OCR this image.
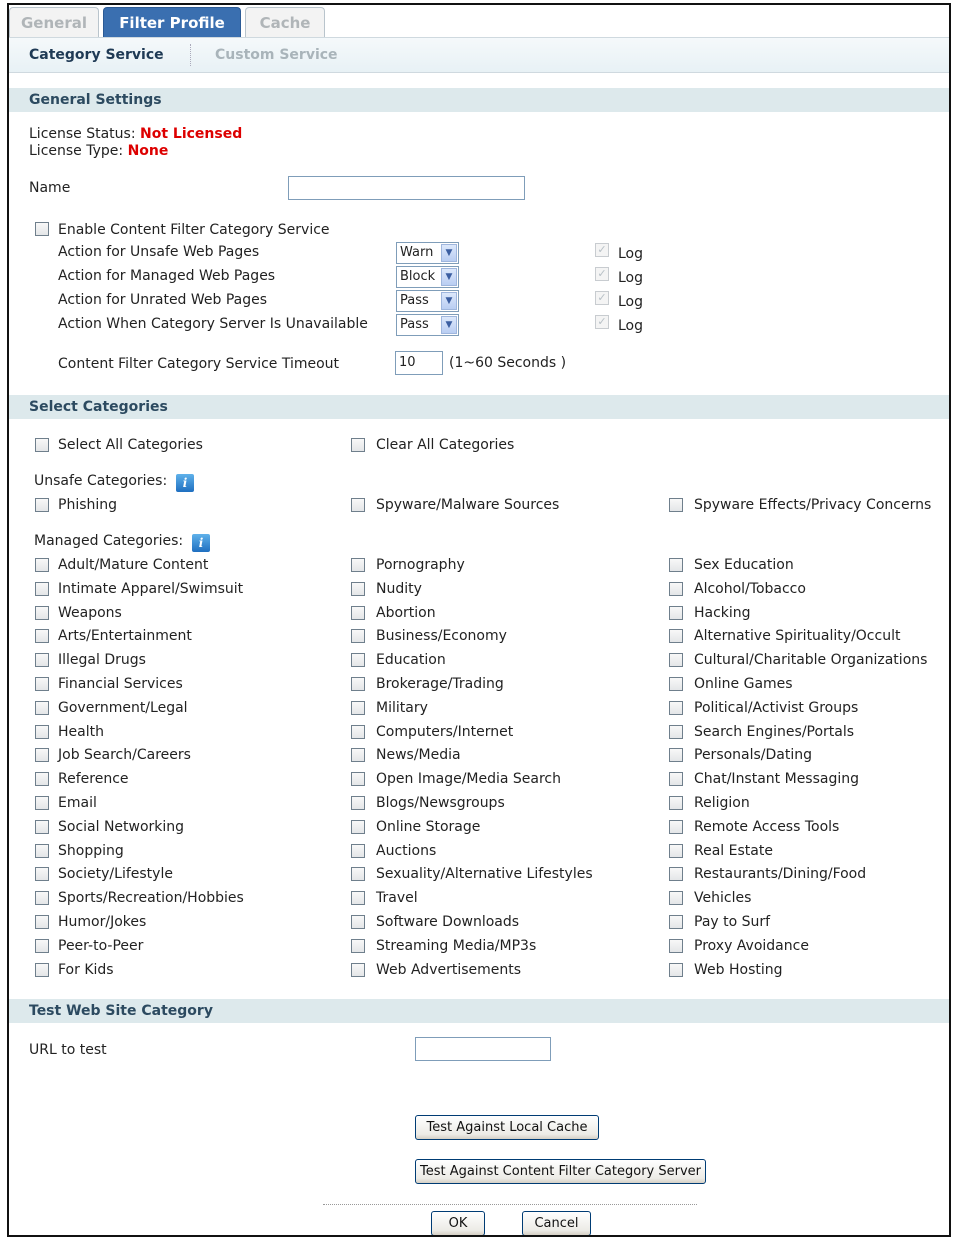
General	Filter Profile	Cache
Category Service	Custom Service
General Settings
License Status: Not Licensed
License Type: None
Name
Enable Content Filter Category Service
Action for Unsafe Web Pages	Warn	▼	✓ Log
Action for Managed Web Pages	Block	▼	✓ Log
Action for Unrated Web Pages	Pass	▼	✓ Log
Action When Category Server Is Unavailable	Pass	▼	✓ Log
Content Filter Category Service Timeout	10	(1~60 Seconds )
Select Categories
Select All Categories	Clear All Categories
Unsafe Categories:	i
Phishing	Spyware/Malware Sources	Spyware Effects/Privacy Concerns
Managed Categories:	i
Adult/Mature Content	Pornography	Sex Education
Intimate Apparel/Swimsuit	Nudity	Alcohol/Tobacco
Weapons	Abortion	Hacking
Arts/Entertainment	Business/Economy	Alternative Spirituality/Occult
Illegal Drugs	Education	Cultural/Charitable Organizations
Financial Services	Brokerage/Trading	Online Games
Government/Legal	Military	Political/Activist Groups
Health	Computers/Internet	Search Engines/Portals
Job Search/Careers	News/Media	Personals/Dating
Reference	Open Image/Media Search	Chat/Instant Messaging
Email	Blogs/Newsgroups	Religion
Social Networking	Online Storage	Remote Access Tools
Shopping	Auctions	Real Estate
Society/Lifestyle	Sexuality/Alternative Lifestyles	Restaurants/Dining/Food
Sports/Recreation/Hobbies	Travel	Vehicles
Humor/Jokes	Software Downloads	Pay to Surf
Peer-to-Peer	Streaming Media/MP3s	Proxy Avoidance
For Kids	Web Advertisements	Web Hosting
Test Web Site Category
URL to test
Test Against Local Cache
Test Against Content Filter Category Server
OK	Cancel
